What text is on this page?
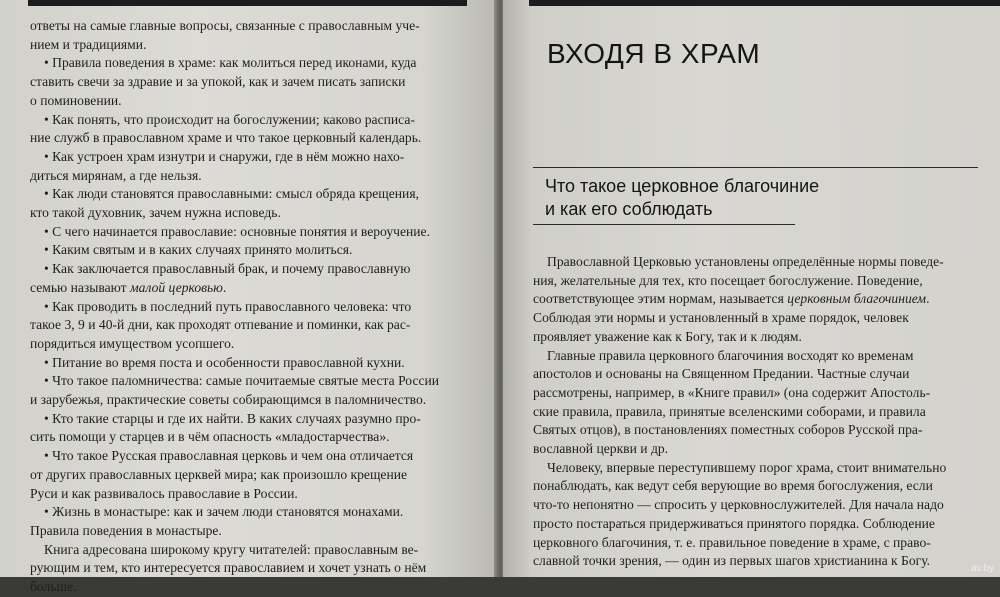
ответы на самые главные вопросы, связанные с православным уче-

нием и традициями.

• Правила поведения в храме: как молиться перед иконами, куда

ставить свечи за здравие и за упокой, как и зачем писать записки

о поминовении.

• Как понять, что происходит на богослужении; каково расписа-

ние служб в православном храме и что такое церковный календарь.

• Как устроен храм изнутри и снаружи, где в нём можно нахо-

диться мирянам, а где нельзя.

• Как люди становятся православными: смысл обряда крещения,

кто такой духовник, зачем нужна исповедь.

• С чего начинается православие: основные понятия и вероучение.

• Каким святым и в каких случаях принято молиться.

• Как заключается православный брак, и почему православную

семью называют малой церковью.

• Как проводить в последний путь православного человека: что

такое 3, 9 и 40-й дни, как проходят отпевание и поминки, как рас-

порядиться имуществом усопшего.

• Питание во время поста и особенности православной кухни.

• Что такое паломничества: самые почитаемые святые места России

и зарубежья, практические советы собирающимся в паломничество.

• Кто такие старцы и где их найти. В каких случаях разумно про-

сить помощи у старцев и в чём опасность «младостарчества».

• Что такое Русская православная церковь и чем она отличается

от других православных церквей мира; как произошло крещение

Руси и как развивалось православие в России.

• Жизнь в монастыре: как и зачем люди становятся монахами.

Правила поведения в монастыре.

Книга адресована широкому кругу читателей: православным ве-

рующим и тем, кто интересуется православием и хочет узнать о нём

больше.

ВХОДЯ В ХРАМ
Что такое церковное благочиние
и как его соблюдать

Православной Церковью установлены определённые нормы поведе-

ния, желательные для тех, кто посещает богослужение. Поведение,

соответствующее этим нормам, называется церковным благочинием.

Соблюдая эти нормы и установленный в храме порядок, человек

проявляет уважение как к Богу, так и к людям.

Главные правила церковного благочиния восходят ко временам

апостолов и основаны на Священном Предании. Частные случаи

рассмотрены, например, в «Книге правил» (она содержит Апостоль-

ские правила, правила, принятые вселенскими соборами, и правила

Святых отцов), в постановлениях поместных соборов Русской пра-

вославной церкви и др.

Человеку, впервые переступившему порог храма, стоит внимательно

понаблюдать, как ведут себя верующие во время богослужения, если

что-то непонятно — спросить у церковнослужителей. Для начала надо

просто постараться придерживаться принятого порядка. Соблюдение

церковного благочиния, т. е. правильное поведение в храме, с право-

славной точки зрения, — один из первых шагов христианина к Богу.

av.by
